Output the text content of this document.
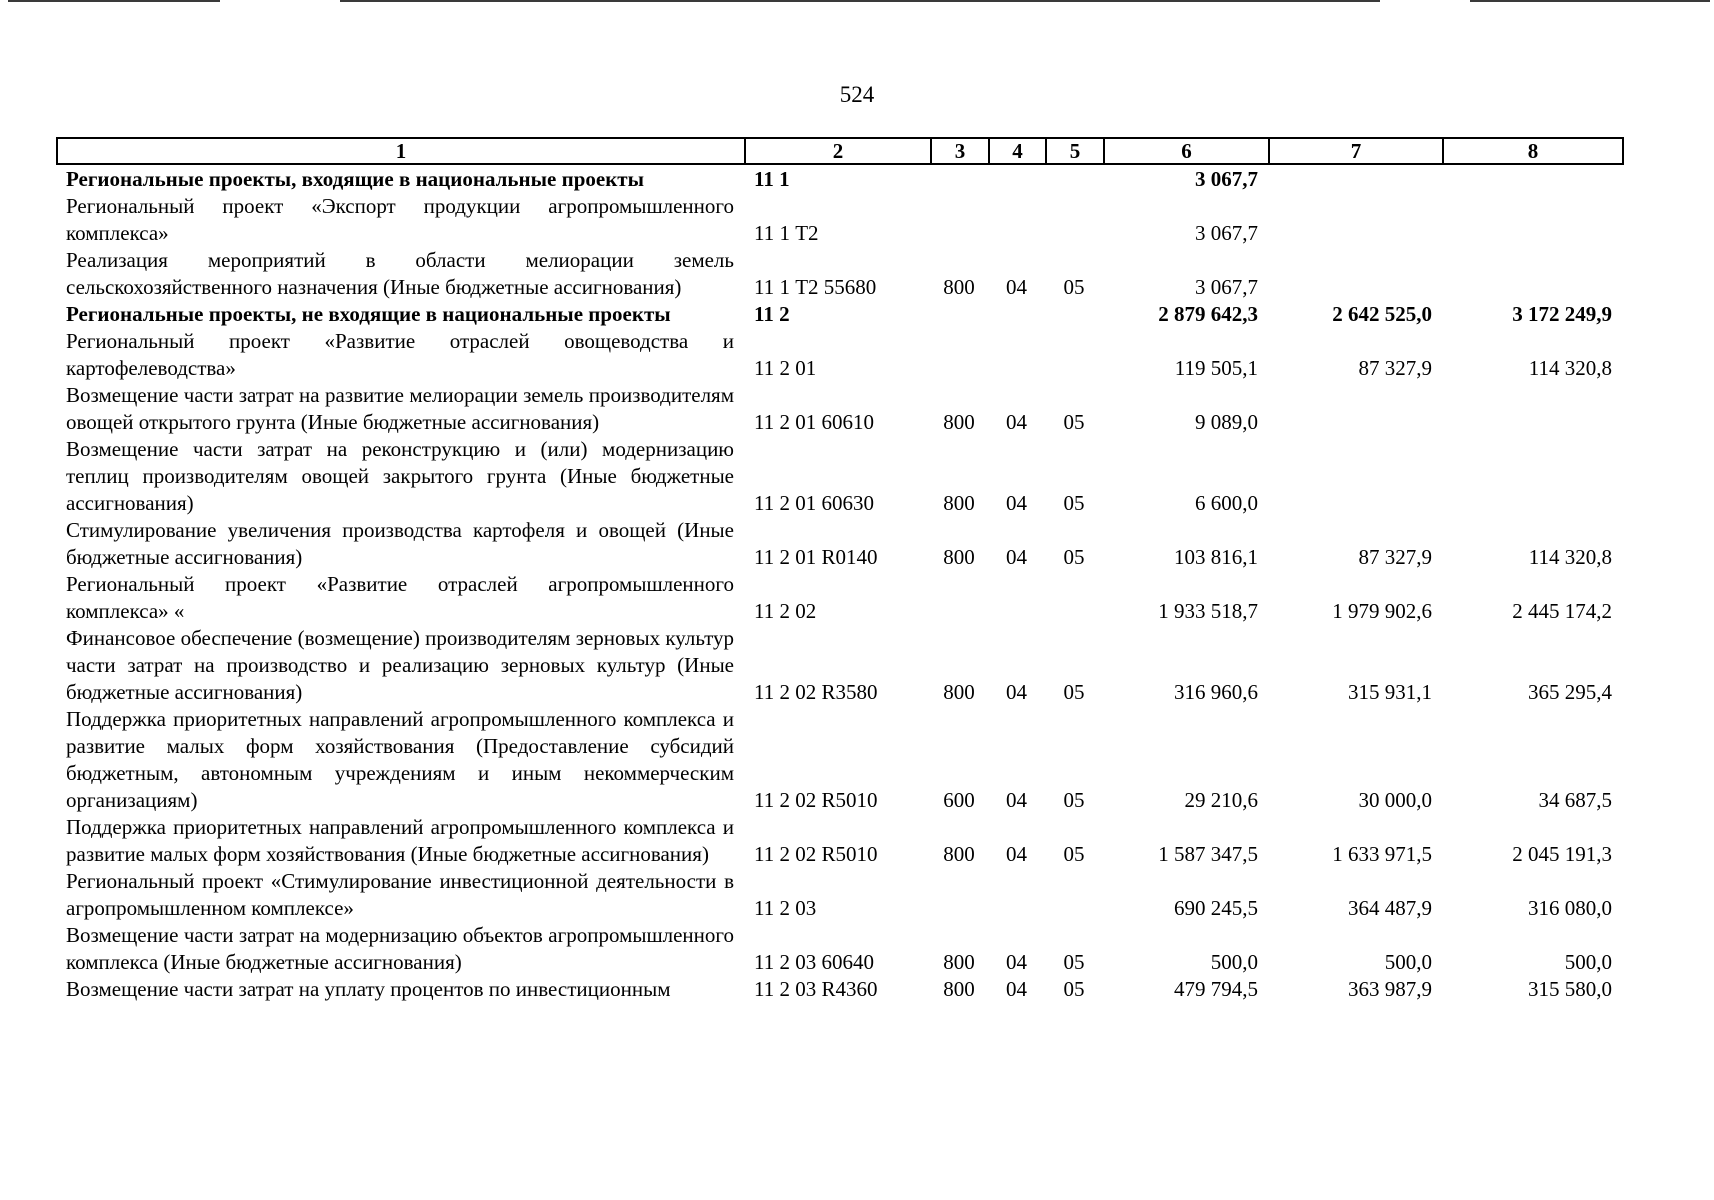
524
1	2	3	4	5	6	7	8
Региональные проекты, входящие в национальные проекты	11 1				3 067,7		
Региональный проект «Экспорт продукции агропромышленного комплекса»	11 1 Т2				3 067,7		
Реализация мероприятий в области мелиорации земель сельскохозяйственного назначения (Иные бюджетные ассигнования)	11 1 Т2 55680	800	04	05	3 067,7		
Региональные проекты, не входящие в национальные проекты	11 2				2 879 642,3	2 642 525,0	3 172 249,9
Региональный проект «Развитие отраслей овощеводства и картофелеводства»	11 2 01				119 505,1	87 327,9	114 320,8
Возмещение части затрат на развитие мелиорации земель производителям овощей открытого грунта (Иные бюджетные ассигнования)	11 2 01 60610	800	04	05	9 089,0		
Возмещение части затрат на реконструкцию и (или) модернизацию теплиц производителям овощей закрытого грунта (Иные бюджетные ассигнования)	11 2 01 60630	800	04	05	6 600,0		
Стимулирование увеличения производства картофеля и овощей (Иные бюджетные ассигнования)	11 2 01 R0140	800	04	05	103 816,1	87 327,9	114 320,8
Региональный проект «Развитие отраслей агропромышленного комплекса» «	11 2 02				1 933 518,7	1 979 902,6	2 445 174,2
Финансовое обеспечение (возмещение) производителям зерновых культур части затрат на производство и реализацию зерновых культур (Иные бюджетные ассигнования)	11 2 02 R3580	800	04	05	316 960,6	315 931,1	365 295,4
Поддержка приоритетных направлений агропромышленного комплекса и развитие малых форм хозяйствования (Предоставление субсидий бюджетным, автономным учреждениям и иным некоммерческим организациям)	11 2 02 R5010	600	04	05	29 210,6	30 000,0	34 687,5
Поддержка приоритетных направлений агропромышленного комплекса и развитие малых форм хозяйствования (Иные бюджетные ассигнования)	11 2 02 R5010	800	04	05	1 587 347,5	1 633 971,5	2 045 191,3
Региональный проект «Стимулирование инвестиционной деятельности в агропромышленном комплексе»	11 2 03				690 245,5	364 487,9	316 080,0
Возмещение части затрат на модернизацию объектов агропромышленного комплекса (Иные бюджетные ассигнования)	11 2 03 60640	800	04	05	500,0	500,0	500,0
Возмещение части затрат на уплату процентов по инвестиционным	11 2 03 R4360	800	04	05	479 794,5	363 987,9	315 580,0
